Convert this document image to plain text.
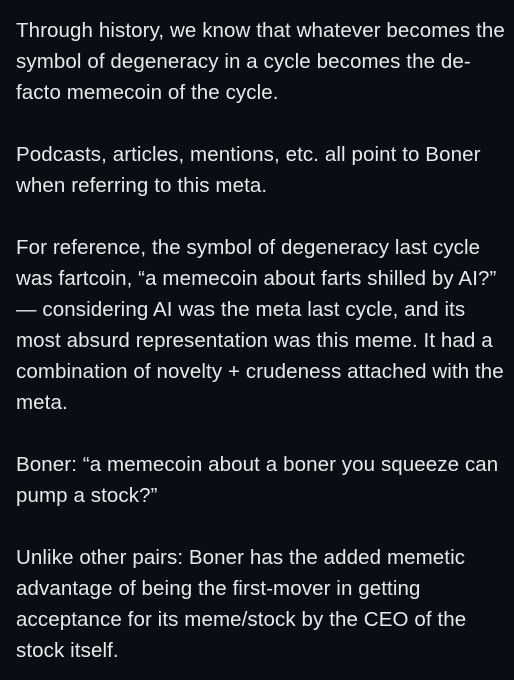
Through history, we know that whatever becomes the symbol of degeneracy in a cycle becomes the de-facto memecoin of the cycle.

Podcasts, articles, mentions, etc. all point to Boner when referring to this meta.

For reference, the symbol of degeneracy last cycle was fartcoin, “a memecoin about farts shilled by AI?” — considering AI was the meta last cycle, and its most absurd representation was this meme. It had a combination of novelty + crudeness attached with the meta.

Boner: “a memecoin about a boner you squeeze can pump a stock?”

Unlike other pairs: Boner has the added memetic advantage of being the first-mover in getting acceptance for its meme/stock by the CEO of the stock itself.
